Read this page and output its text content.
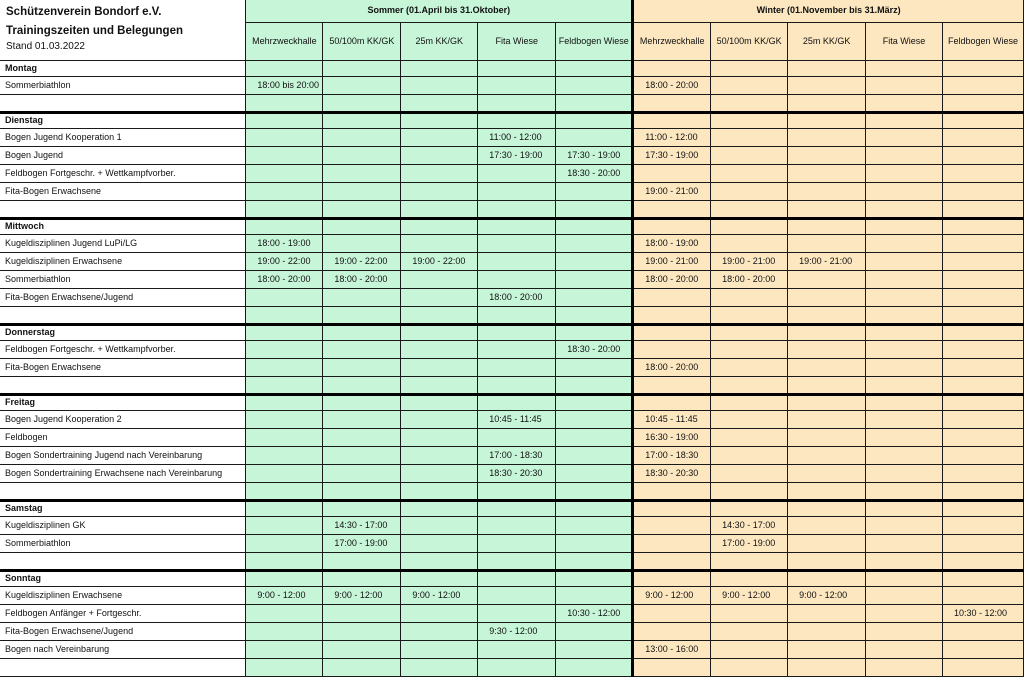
	Sommer (01.April bis 31.Oktober)					Winter (01.November bis 31.März)				
	Mehrzweckhalle	50/100m KK/GK	25m KK/GK	Fita Wiese	Feldbogen Wiese	Mehrzweckhalle	50/100m KK/GK	25m KK/GK	Fita Wiese	Feldbogen Wiese
Montag										
Sommerbiathlon	18:00 bis 20:00					18:00 - 20:00				

Dienstag										
Bogen Jugend Kooperation 1				11:00 - 12:00		11:00 - 12:00				
Bogen Jugend				17:30 - 19:00	17:30 - 19:00	17:30 - 19:00				
Feldbogen Fortgeschr. + Wettkampfvorber.					18:30 - 20:00					
Fita-Bogen Erwachsene						19:00 - 21:00				

Mittwoch										
Kugeldisziplinen Jugend LuPi/LG	18:00 - 19:00					18:00 - 19:00				
Kugeldisziplinen Erwachsene	19:00 - 22:00	19:00 - 22:00	19:00 - 22:00			19:00 - 21:00	19:00 - 21:00	19:00 - 21:00		
Sommerbiathlon	18:00 - 20:00	18:00 - 20:00				18:00 - 20:00	18:00 - 20:00			
Fita-Bogen Erwachsene/Jugend				18:00 - 20:00						

Donnerstag										
Feldbogen Fortgeschr. + Wettkampfvorber.					18:30 - 20:00					
Fita-Bogen Erwachsene						18:00 - 20:00				

Freitag										
Bogen Jugend Kooperation 2				10:45 - 11:45		10:45 - 11:45				
Feldbogen						16:30 - 19:00				
Bogen Sondertraining Jugend nach Vereinbarung				17:00 - 18:30		17:00 - 18:30				
Bogen Sondertraining Erwachsene nach Vereinbarung				18:30 - 20:30		18:30 - 20:30				

Samstag										
Kugeldisziplinen GK		14:30 - 17:00					14:30 - 17:00			
Sommerbiathlon		17:00 - 19:00					17:00 - 19:00			

Sonntag										
Kugeldisziplinen Erwachsene	9:00 - 12:00	9:00 - 12:00	9:00 - 12:00			9:00 - 12:00	9:00 - 12:00	9:00 - 12:00		
Feldbogen Anfänger + Fortgeschr.					10:30 - 12:00					10:30 - 12:00
Fita-Bogen Erwachsene/Jugend				9:30 - 12:00						
Bogen nach Vereinbarung						13:00 - 16:00				

Schützenverein Bondorf e.V.
Trainingszeiten und Belegungen
Stand 01.03.2022
